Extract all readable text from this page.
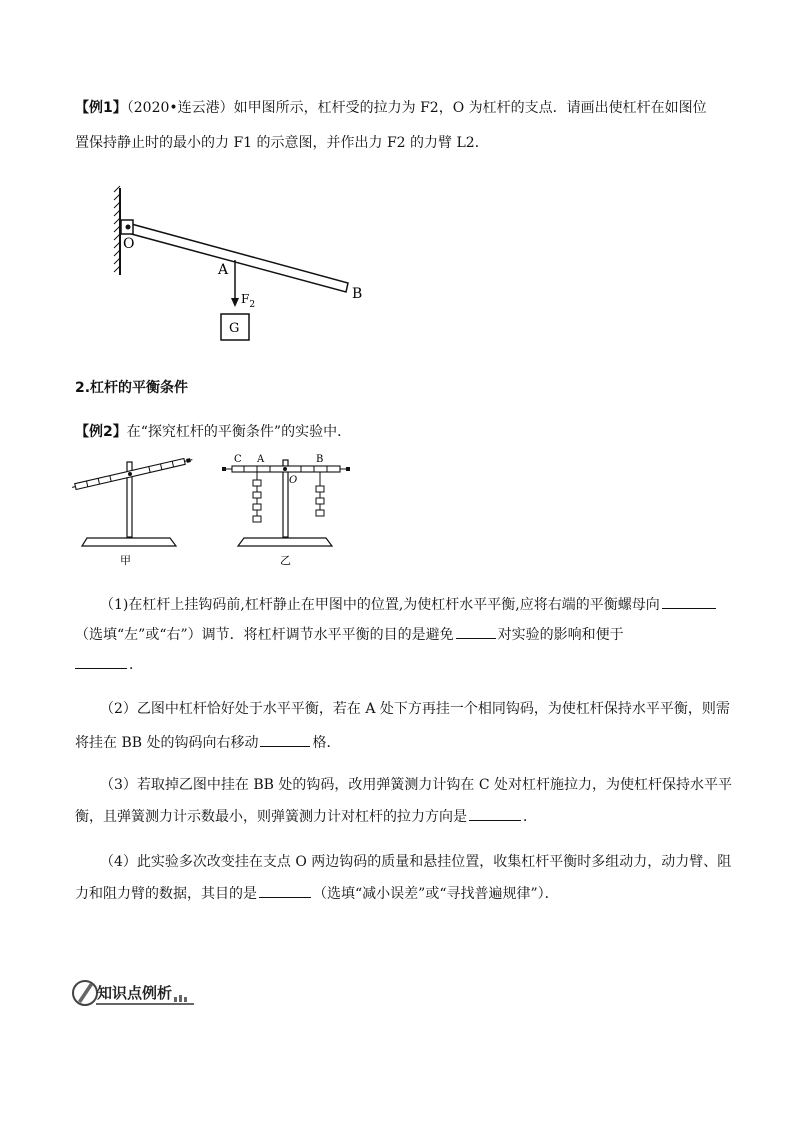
【例1】（2020•连云港）如甲图所示，杠杆受的拉力为 F2，O 为杠杆的支点．请画出使杠杆在如图位
置保持静止时的最小的力 F1 的示意图，并作出力 F2 的力臂 L2．
O
A
B
$F_2$
G
2.杠杆的平衡条件
【例2】在“探究杠杆的平衡条件”的实验中．
甲
C A	B
O
乙
（1)在杠杆上挂钩码前,杠杆静止在甲图中的位置,为使杠杆水平平衡,应将右端的平衡螺母向
（选填“左”或“右”）调节．将杠杆调节水平平衡的目的是避免	对实验的影响和便于
．
（2）乙图中杠杆恰好处于水平平衡，若在 A 处下方再挂一个相同钩码，为使杠杆保持水平平衡，则需
将挂在 BB 处的钩码向右移动	格．
（3）若取掉乙图中挂在 BB 处的钩码，改用弹簧测力计钩在 C 处对杠杆施拉力，为使杠杆保持水平平
衡，且弹簧测力计示数最小，则弹簧测力计对杠杆的拉力方向是	．
（4）此实验多次改变挂在支点 O 两边钩码的质量和悬挂位置，收集杠杆平衡时多组动力，动力臂、阻
力和阻力臂的数据，其目的是	（选填“减小误差”或“寻找普遍规律”）．
知识点例析
